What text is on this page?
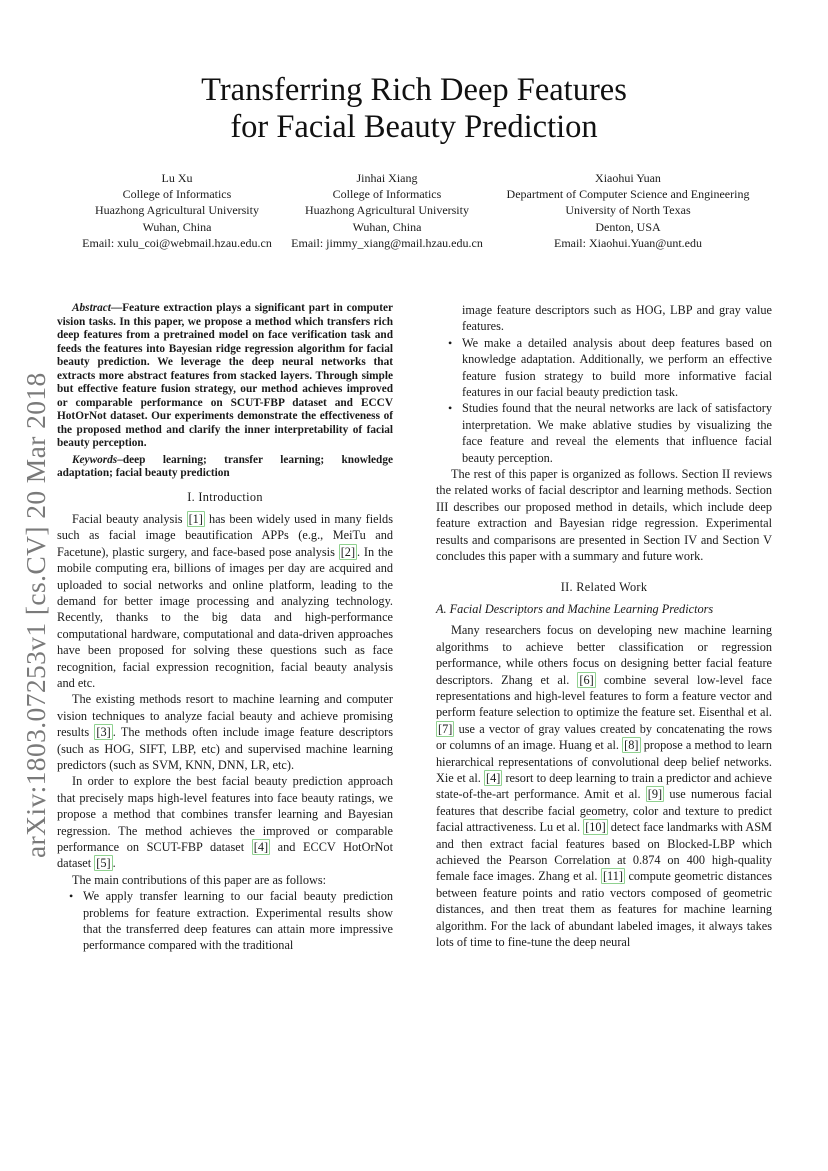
arXiv:1803.07253v1 [cs.CV] 20 Mar 2018
Transferring Rich Deep Features
for Facial Beauty Prediction
Lu Xu
College of Informatics
Huazhong Agricultural University
Wuhan, China
Email: xulu_coi@webmail.hzau.edu.cn
Jinhai Xiang
College of Informatics
Huazhong Agricultural University
Wuhan, China
Email: jimmy_xiang@mail.hzau.edu.cn
Xiaohui Yuan
Department of Computer Science and Engineering
University of North Texas
Denton, USA
Email: Xiaohui.Yuan@unt.edu

Abstract—Feature extraction plays a significant part in computer vision tasks. In this paper, we propose a method which transfers rich deep features from a pretrained model on face verification task and feeds the features into Bayesian ridge regression algorithm for facial beauty prediction. We leverage the deep neural networks that extracts more abstract features from stacked layers. Through simple but effective feature fusion strategy, our method achieves improved or comparable performance on SCUT-FBP dataset and ECCV HotOrNot dataset. Our experiments demonstrate the effectiveness of the proposed method and clarify the inner interpretability of facial beauty perception.

Keywords–deep learning; transfer learning; knowledge adaptation; facial beauty prediction

I. Introduction

Facial beauty analysis [1] has been widely used in many fields such as facial image beautification APPs (e.g., MeiTu and Facetune), plastic surgery, and face-based pose analysis [2] . In the mobile computing era, billions of images per day are acquired and uploaded to social networks and online platform, leading to the demand for better image processing and analyzing technology. Recently, thanks to the big data and high-performance computational hardware, computational and data-driven approaches have been proposed for solving these questions such as face recognition, facial expression recognition, facial beauty analysis and etc.

The existing methods resort to machine learning and computer vision techniques to analyze facial beauty and achieve promising results [3] . The methods often include image feature descriptors (such as HOG, SIFT, LBP, etc) and supervised machine learning predictors (such as SVM, KNN, DNN, LR, etc).

In order to explore the best facial beauty prediction approach that precisely maps high-level features into face beauty ratings, we propose a method that combines transfer learning and Bayesian regression. The method achieves the improved or comparable performance on SCUT-FBP dataset [4] and ECCV HotOrNot dataset [5] .

The main contributions of this paper are as follows:

• We apply transfer learning to our facial beauty prediction problems for feature extraction. Experimental results show that the transferred deep features can attain more impressive performance compared with the traditional

image feature descriptors such as HOG, LBP and gray value features.

• We make a detailed analysis about deep features based on knowledge adaptation. Additionally, we perform an effective feature fusion strategy to build more informative facial features in our facial beauty prediction task.
• Studies found that the neural networks are lack of satisfactory interpretation. We make ablative studies by visualizing the face feature and reveal the elements that influence facial beauty perception.

The rest of this paper is organized as follows. Section II reviews the related works of facial descriptor and learning methods. Section III describes our proposed method in details, which include deep feature extraction and Bayesian ridge regression. Experimental results and comparisons are presented in Section IV and Section V concludes this paper with a summary and future work.

II. Related Work
A. Facial Descriptors and Machine Learning Predictors

Many researchers focus on developing new machine learning algorithms to achieve better classification or regression performance, while others focus on designing better facial feature descriptors. Zhang et al. [6] combine several low-level face representations and high-level features to form a feature vector and perform feature selection to optimize the feature set. Eisenthal et al. [7] use a vector of gray values created by concatenating the rows or columns of an image. Huang et al. [8] propose a method to learn hierarchical representations of convolutional deep belief networks. Xie et al. [4] resort to deep learning to train a predictor and achieve state-of-the-art performance. Amit et al. [9] use numerous facial features that describe facial geometry, color and texture to predict facial attractiveness. Lu et al. [10] detect face landmarks with ASM and then extract facial features based on Blocked-LBP which achieved the Pearson Correlation at 0.874 on 400 high-quality female face images. Zhang et al. [11] compute geometric distances between feature points and ratio vectors composed of geometric distances, and then treat them as features for machine learning algorithm. For the lack of abundant labeled images, it always takes lots of time to fine-tune the deep neural
